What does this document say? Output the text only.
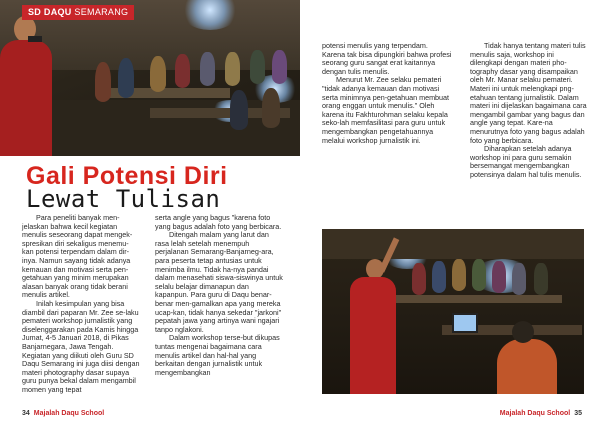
SD DAQU SEMARANG
Gali Potensi Diri
Lewat Tulisan

Para peneliti banyak men-jelaskan bahwa kecil kegiatan menulis seseorang dapat mengek-spresikan diri sekaligus menemu-kan potensi terpendam dalam dir-inya. Namun sayang tidak adanya kemauan dan motivasi serta pen-getahuan yang minim merupakan alasan banyak orang tidak berani menulis artikel.

Inilah kesimpulan yang bisa diambil dari paparan Mr. Zee se-laku pemateri workshop jurnalistik yang diselenggarakan pada Kamis hingga Jumat, 4-5 Januari 2018, di Pikas Banjarnegara, Jawa Tengah. Kegiatan yang diikuti oleh Guru SD Daqu Semarang ini juga diisi dengan materi photography dasar supaya guru punya bekal dalam mengambil momen yang tepat

serta angle yang bagus "karena foto yang bagus adalah foto yang berbicara.

Ditengah malam yang larut dan rasa lelah setelah menempuh perjalanan Semarang-Banjarneg-ara, para peserta tetap antusias untuk menimba ilmu. Tidak ha-nya pandai dalam menasehati siswa-siswinya untuk selalu belajar dimanapun dan kapanpun. Para guru di Daqu benar- benar men-gamalkan apa yang mereka ucap-kan, tidak hanya sekedar "jarkoni" pepatah jawa yang artinya wani ngajari tanpo nglakoni.

Dalam workshop terse-but dikupas tuntas mengenai bagaimana cara menulis artikel dan hal-hal yang berkaitan dengan jurnalistik untuk mengembangkan

potensi menulis yang terpendam. Karena tak bisa dipungkiri bahwa profesi seorang guru sangat erat kaitannya dengan tulis menulis.

Menurut Mr. Zee selaku pemateri "tidak adanya kemauan dan motivasi serta minimnya pen-getahuan membuat orang enggan untuk menulis." Oleh karena itu Fakhturohman selaku kepala seko-lah memfasilitasi para guru untuk mengembangkan pengetahuannya melalui workshop jurnalistik ini.

Tidak hanya tentang materi tulis menulis saja, workshop ini dilengkapi dengan materi pho-tography dasar yang disampaikan oleh Mr. Manar selaku pemateri. Materi ini untuk melengkapi png-etahuan tentang jurnalistik. Dalam materi ini dijelaskan bagaimana cara mengambil gambar yang bagus dan angle yang tepat. Kare-na menurutnya foto yang bagus adalah foto yang berbicara.

Diharapkan setelah adanya workshop ini para guru semakin bersemangat mengembangkan potensinya dalam hal tulis menulis.

34 Majalah Daqu School	Majalah Daqu School 35
